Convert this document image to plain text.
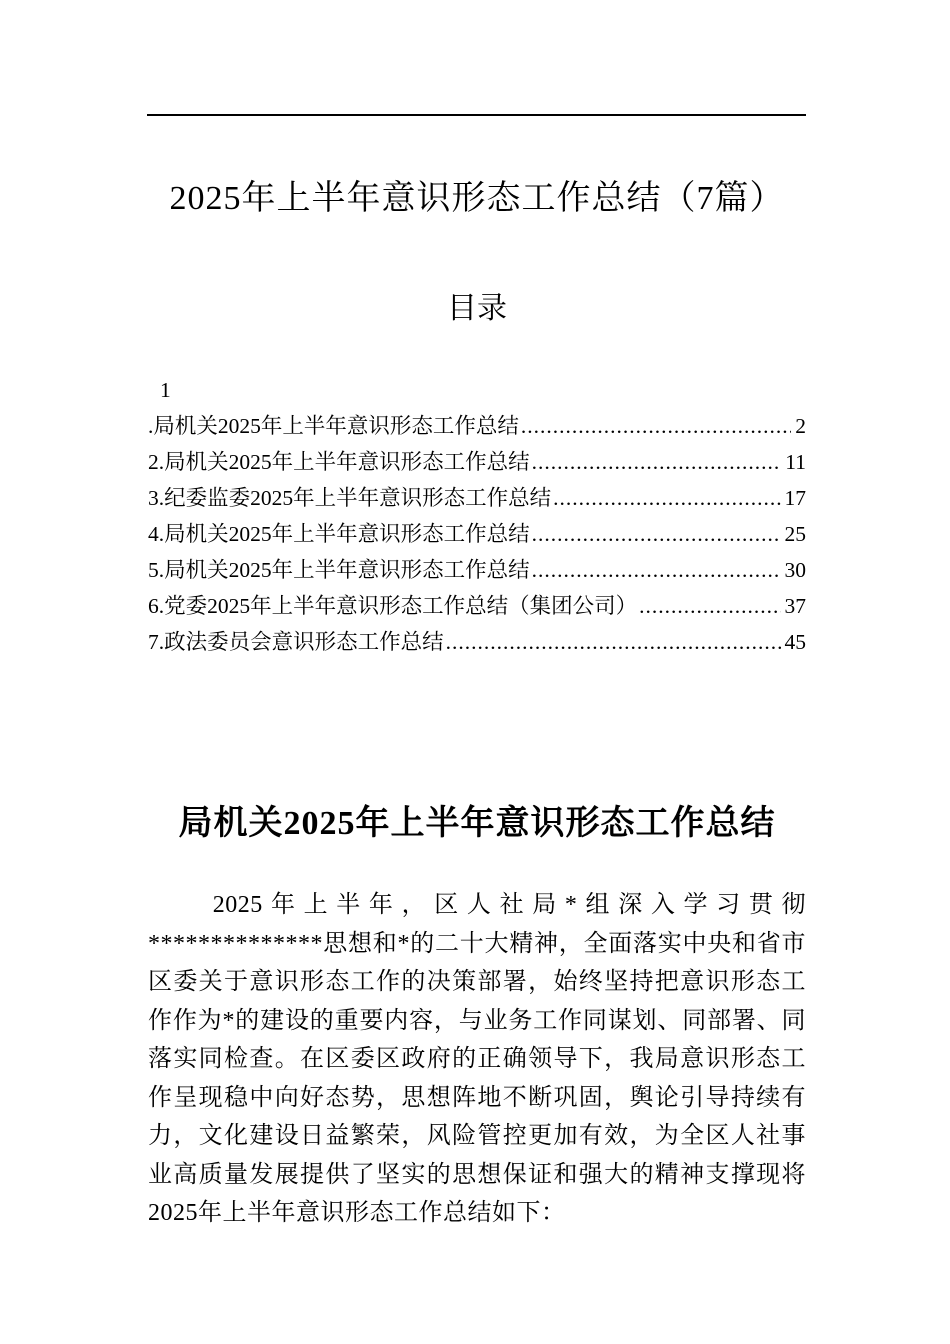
2025年上半年意识形态工作总结（7篇）
目录
1
.局机关2025年上半年意识形态工作总结 .....	2
2.局机关2025年上半年意识形态工作总结 .....	11
3.纪委监委2025年上半年意识形态工作总结 .....	17
4.局机关2025年上半年意识形态工作总结 .....	25
5.局机关2025年上半年意识形态工作总结 .....	30
6.党委2025年上半年意识形态工作总结（集团公司） .....	37
7.政法委员会意识形态工作总结 .....	45
局机关2025年上半年意识形态工作总结

2025年上半年，区人社局*组深入学习贯彻**************思想和*的二十大精神，全面落实中央和省市区委关于意识形态工作的决策部署，始终坚持把意识形态工作作为*的建设的重要内容，与业务工作同谋划、同部署、同落实同检查。在区委区政府的正确领导下，我局意识形态工作呈现稳中向好态势，思想阵地不断巩固，舆论引导持续有力，文化建设日益繁荣，风险管控更加有效，为全区人社事业高质量发展提供了坚实的思想保证和强大的精神支撑现将2025年上半年意识形态工作总结如下：
